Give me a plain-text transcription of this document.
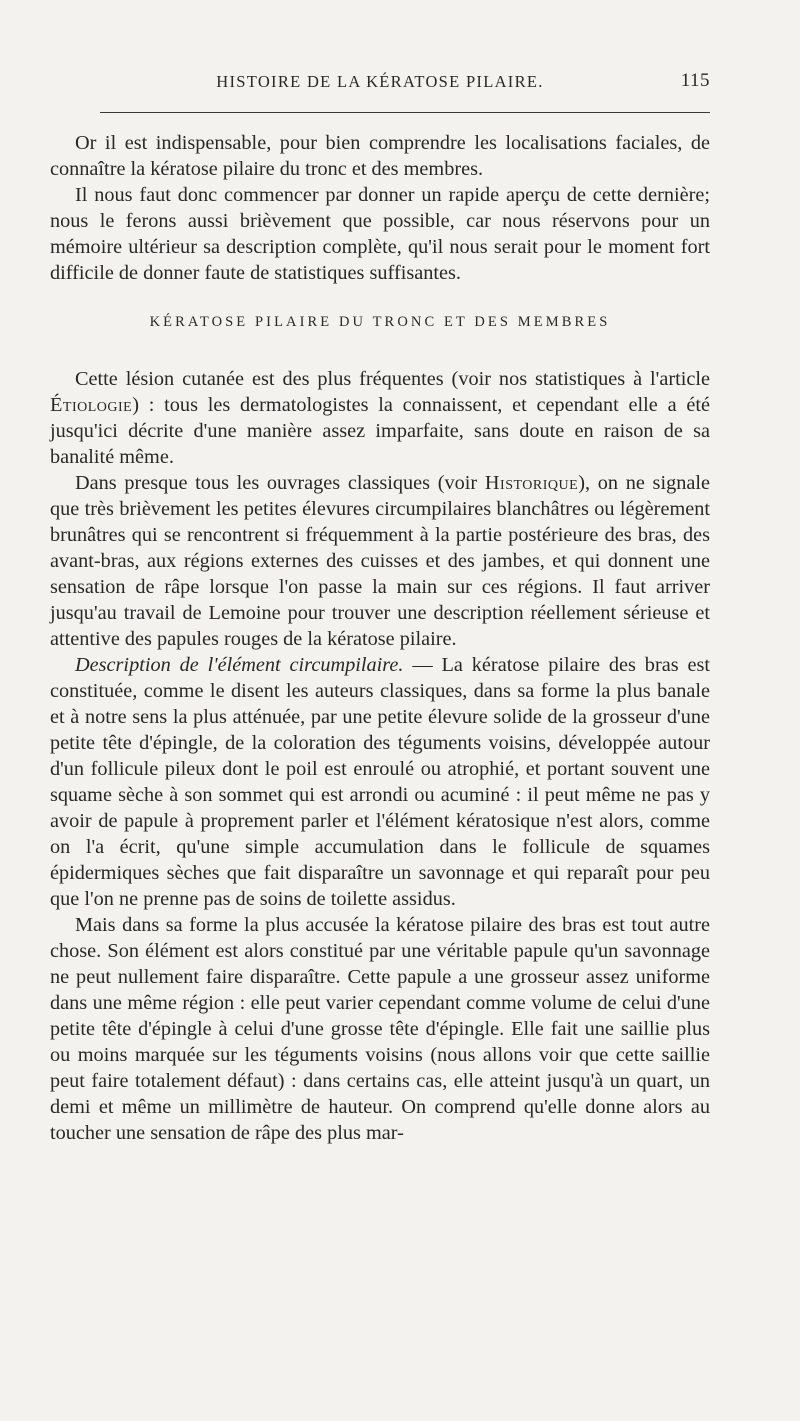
HISTOIRE DE LA KÉRATOSE PILAIRE.	115

Or il est indispensable, pour bien comprendre les localisations faciales, de connaître la kératose pilaire du tronc et des membres.

Il nous faut donc commencer par donner un rapide aperçu de cette dernière; nous le ferons aussi brièvement que possible, car nous réservons pour un mémoire ultérieur sa description complète, qu'il nous serait pour le moment fort difficile de donner faute de statistiques suffisantes.

KÉRATOSE PILAIRE DU TRONC ET DES MEMBRES

Cette lésion cutanée est des plus fréquentes (voir nos statistiques à l'article Étiologie) : tous les dermatologistes la connaissent, et cependant elle a été jusqu'ici décrite d'une manière assez imparfaite, sans doute en raison de sa banalité même.

Dans presque tous les ouvrages classiques (voir Historique), on ne signale que très brièvement les petites élevures circumpilaires blanchâtres ou légèrement brunâtres qui se rencontrent si fréquemment à la partie postérieure des bras, des avant-bras, aux régions externes des cuisses et des jambes, et qui donnent une sensation de râpe lorsque l'on passe la main sur ces régions. Il faut arriver jusqu'au travail de Lemoine pour trouver une description réellement sérieuse et attentive des papules rouges de la kératose pilaire.

Description de l'élément circumpilaire. — La kératose pilaire des bras est constituée, comme le disent les auteurs classiques, dans sa forme la plus banale et à notre sens la plus atténuée, par une petite élevure solide de la grosseur d'une petite tête d'épingle, de la coloration des téguments voisins, développée autour d'un follicule pileux dont le poil est enroulé ou atrophié, et portant souvent une squame sèche à son sommet qui est arrondi ou acuminé : il peut même ne pas y avoir de papule à proprement parler et l'élément kératosique n'est alors, comme on l'a écrit, qu'une simple accumulation dans le follicule de squames épidermiques sèches que fait disparaître un savonnage et qui reparaît pour peu que l'on ne prenne pas de soins de toilette assidus.

Mais dans sa forme la plus accusée la kératose pilaire des bras est tout autre chose. Son élément est alors constitué par une véritable papule qu'un savonnage ne peut nullement faire disparaître. Cette papule a une grosseur assez uniforme dans une même région : elle peut varier cependant comme volume de celui d'une petite tête d'épingle à celui d'une grosse tête d'épingle. Elle fait une saillie plus ou moins marquée sur les téguments voisins (nous allons voir que cette saillie peut faire totalement défaut) : dans certains cas, elle atteint jusqu'à un quart, un demi et même un millimètre de hauteur. On comprend qu'elle donne alors au toucher une sensation de râpe des plus mar-
